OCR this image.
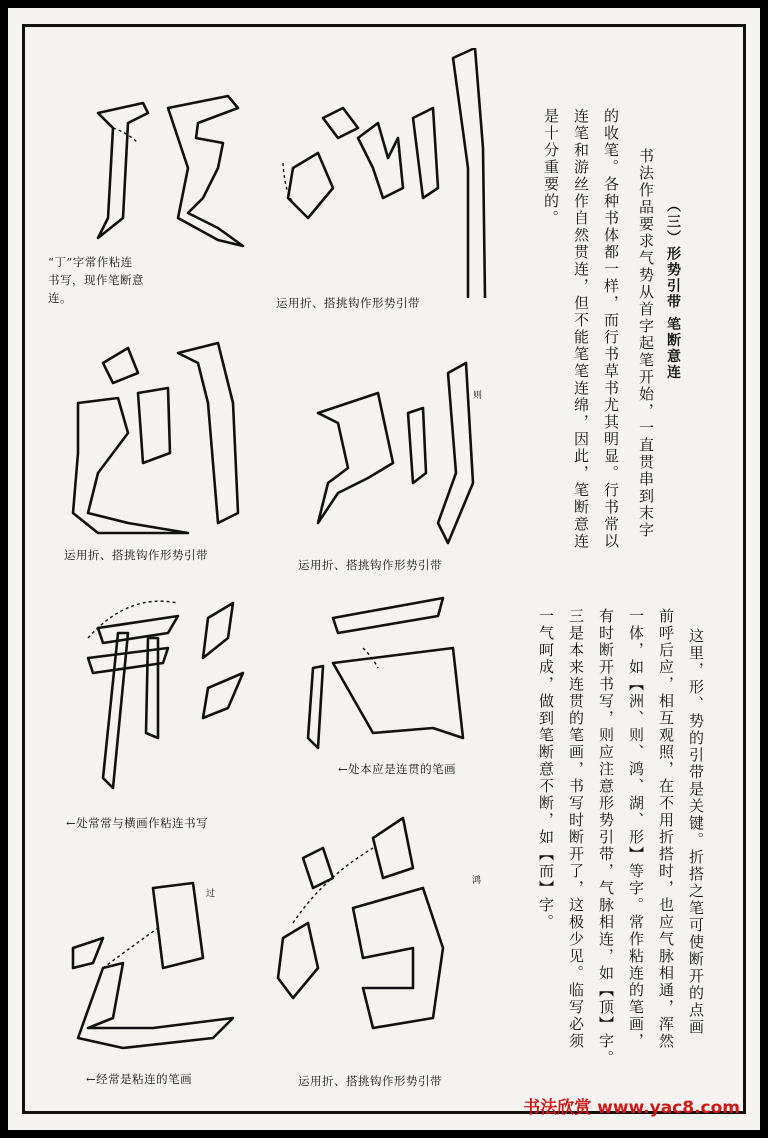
“丁”字常作粘连
书写，现作笔断意
连。	运用折、搭挑钩作形势引带
运用折、搭挑钩作形势引带
运用折、搭挑钩作形势引带
←处本应是连贯的笔画
←处常常与横画作粘连书写
←经常是粘连的笔画	运用折、搭挑钩作形势引带
则
过
鸿
（三）形势引带 笔断意连
书法作品要求气势从首字起笔开始，一直贯串到末字
的收笔。各种书体都一样，而行书草书尤其明显。行书常以
连笔和游丝作自然贯连，但不能笔笔连绵，因此，笔断意连
是十分重要的。
这里，形、势的引带是关键。折搭之笔可使断开的点画
前呼后应，相互观照，在不用折搭时，也应气脉相通，浑然
一体，如【洲、则、鸿、湖、形】等字。常作粘连的笔画，
有时断开书写，则应注意形势引带，气脉相连，如【顶】字。
三是本来连贯的笔画，书写时断开了，这极少见。临写必须
一气呵成，做到笔断意不断，如【而】字。
书法欣赏 www.yac8.com
